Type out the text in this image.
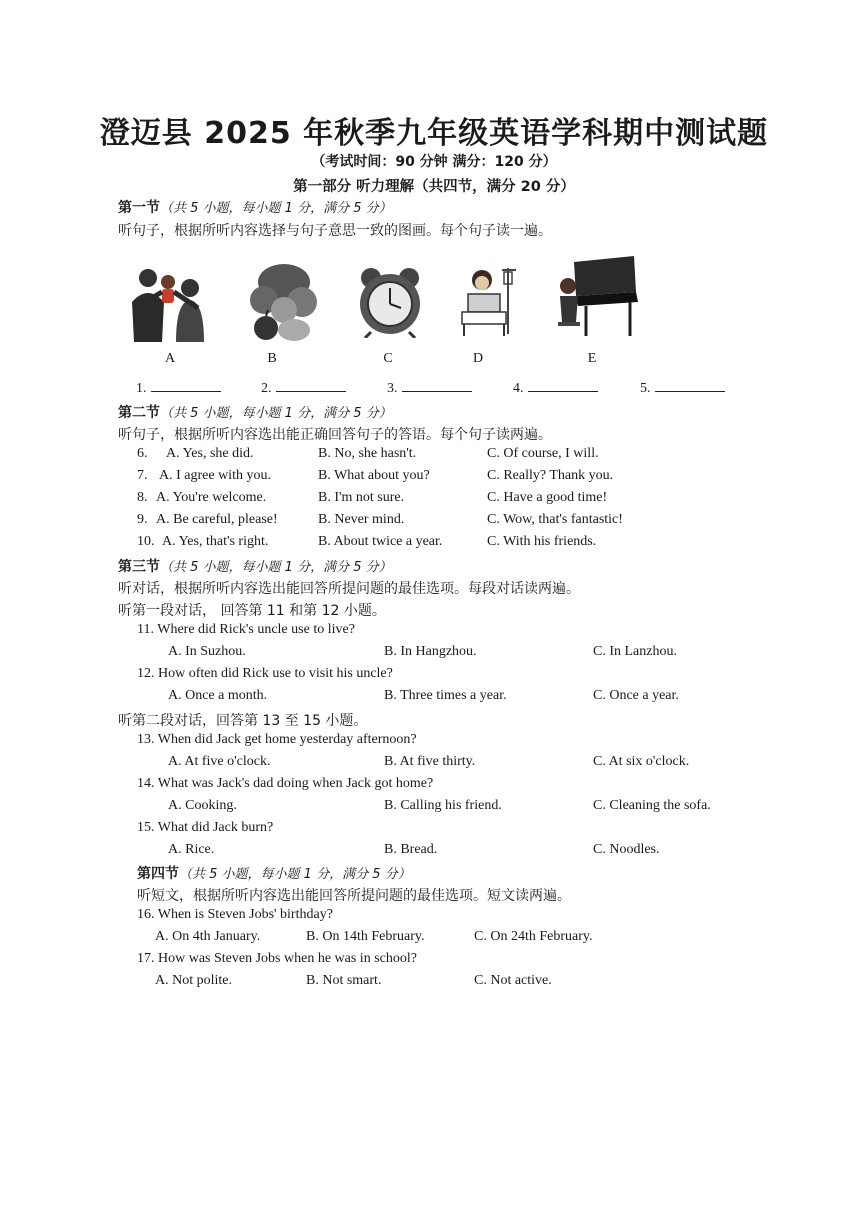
澄迈县 2025 年秋季九年级英语学科期中测试题
（考试时间：90 分钟 满分：120 分）
第一部分 听力理解（共四节，满分 20 分）
第一节（共 5 小题，每小题 1 分，满分 5 分）
听句子，根据所听内容选择与句子意思一致的图画。每个句子读一遍。
A	B	C	D	E
1.	2.	3.	4.	5.
第二节（共 5 小题，每小题 1 分，满分 5 分）
听句子，根据所听内容选出能正确回答句子的答语。每个句子读两遍。
6. A. Yes, she did.	B. No, she hasn't.	C. Of course, I will.
7. A. I agree with you.	B. What about you?	C. Really? Thank you.
8. A. You're welcome.	B. I'm not sure.	C. Have a good time!
9. A. Be careful, please!	B. Never mind.	C. Wow, that's fantastic!
10. A. Yes, that's right.	B. About twice a year.	C. With his friends.
第三节（共 5 小题，每小题 1 分，满分 5 分）
听对话，根据所听内容选出能回答所提问题的最佳选项。每段对话读两遍。
听第一段对话， 回答第 11 和第 12 小题。
11. Where did Rick's uncle use to live?
A. In Suzhou.	B. In Hangzhou.	C. In Lanzhou.
12. How often did Rick use to visit his uncle?
A. Once a month.	B. Three times a year.	C. Once a year.
听第二段对话，回答第 13 至 15 小题。
13. When did Jack get home yesterday afternoon?
A. At five o'clock.	B. At five thirty.	C. At six o'clock.
14. What was Jack's dad doing when Jack got home?
A. Cooking.	B. Calling his friend.	C. Cleaning the sofa.
15. What did Jack burn?
A. Rice.	B. Bread.	C. Noodles.
第四节（共 5 小题，每小题 1 分，满分 5 分）
听短文，根据所听内容选出能回答所提问题的最佳选项。短文读两遍。
16. When is Steven Jobs' birthday?
A. On 4th January.	B. On 14th February.	C. On 24th February.
17. How was Steven Jobs when he was in school?
A. Not polite.	B. Not smart.	C. Not active.
